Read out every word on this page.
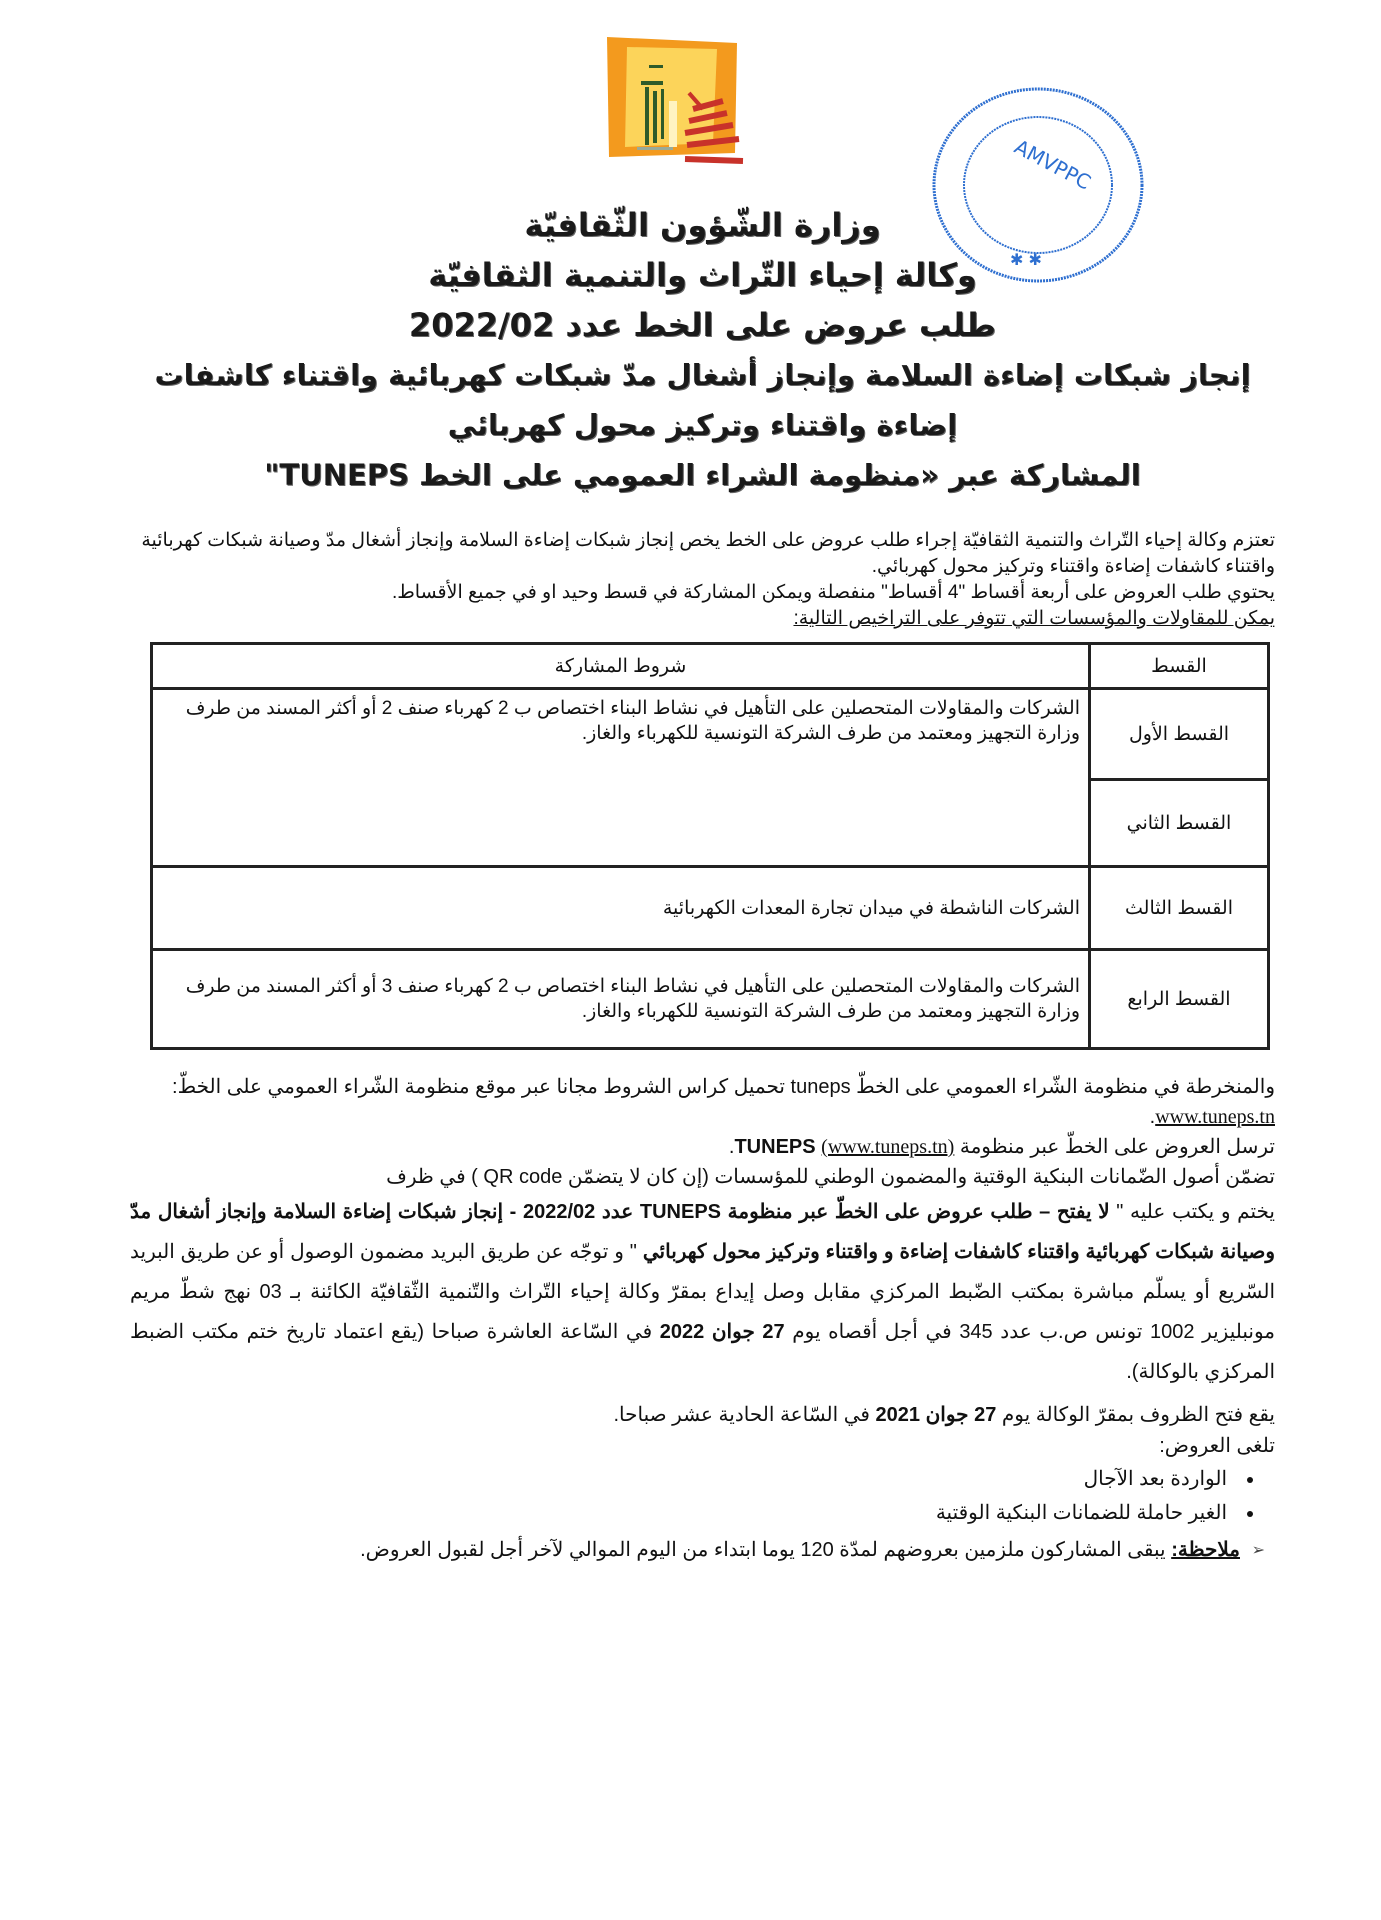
AMVPPC
✱ ✱

وزارة الشّؤون الثّقافيّة

وكالة إحياء التّراث والتنمية الثقافيّة

طلب عروض على الخط عدد 2022/02

إنجاز شبكات إضاءة السلامة وإنجاز أشغال مدّ شبكات كهربائية واقتناء كاشفات

إضاءة واقتناء وتركيز محول كهربائي

المشاركة عبر «منظومة الشراء العمومي على الخط TUNEPS"

تعتزم وكالة إحياء التّراث والتنمية الثقافيّة إجراء طلب عروض على الخط يخص إنجاز شبكات إضاءة السلامة وإنجاز أشغال مدّ وصيانة شبكات كهربائية واقتناء كاشفات إضاءة واقتناء وتركيز محول كهربائي.

يحتوي طلب العروض على أربعة أقساط "4 أقساط" منفصلة ويمكن المشاركة في قسط وحيد او في جميع الأقساط.

يمكن للمقاولات والمؤسسات التي تتوفر على التراخيص التالية:

القسط	شروط المشاركة
القسط الأول	الشركات والمقاولات المتحصلين على التأهيل في نشاط البناء اختصاص ب 2 كهرباء صنف 2 أو أكثر المسند من طرف وزارة التجهيز ومعتمد من طرف الشركة التونسية للكهرباء والغاز.
القسط الثاني	
القسط الثالث	الشركات الناشطة في ميدان تجارة المعدات الكهربائية
القسط الرابع	الشركات والمقاولات المتحصلين على التأهيل في نشاط البناء اختصاص ب 2 كهرباء صنف 3 أو أكثر المسند من طرف وزارة التجهيز ومعتمد من طرف الشركة التونسية للكهرباء والغاز.

والمنخرطة في منظومة الشّراء العمومي على الخطّ tuneps تحميل كراس الشروط مجانا عبر موقع منظومة الشّراء العمومي على الخطّ: www.tuneps.tn.

ترسل العروض على الخطّ عبر منظومة TUNEPS (www.tuneps.tn).

تضمّن أصول الضّمانات البنكية الوقتية والمضمون الوطني للمؤسسات (إن كان لا يتضمّن QR code ) في ظرف

يختم و يكتب عليه " لا يفتح – طلب عروض على الخطّ عبر منظومة TUNEPS عدد 2022/02 - إنجاز شبكات إضاءة السلامة وإنجاز أشغال مدّ وصيانة شبكات كهربائية واقتناء كاشفات إضاءة و واقتناء وتركيز محول كهربائي " و توجّه عن طريق البريد مضمون الوصول أو عن طريق البريد السّريع أو يسلّم مباشرة بمكتب الضّبط المركزي مقابل وصل إيداع بمقرّ وكالة إحياء التّراث والتّنمية الثّقافيّة الكائنة بـ 03 نهج شطّ مريم مونبليزير 1002 تونس ص.ب عدد 345 في أجل أقصاه يوم 27 جوان 2022 في السّاعة العاشرة صباحا (يقع اعتماد تاريخ ختم مكتب الضبط المركزي بالوكالة).

يقع فتح الظروف بمقرّ الوكالة يوم 27 جوان 2021 في السّاعة الحادية عشر صباحا.

تلغى العروض:

• الواردة بعد الآجال
• الغير حاملة للضمانات البنكية الوقتية
➢
ملاحظة: يبقى المشاركون ملزمين بعروضهم لمدّة 120 يوما ابتداء من اليوم الموالي لآخر أجل لقبول العروض.
